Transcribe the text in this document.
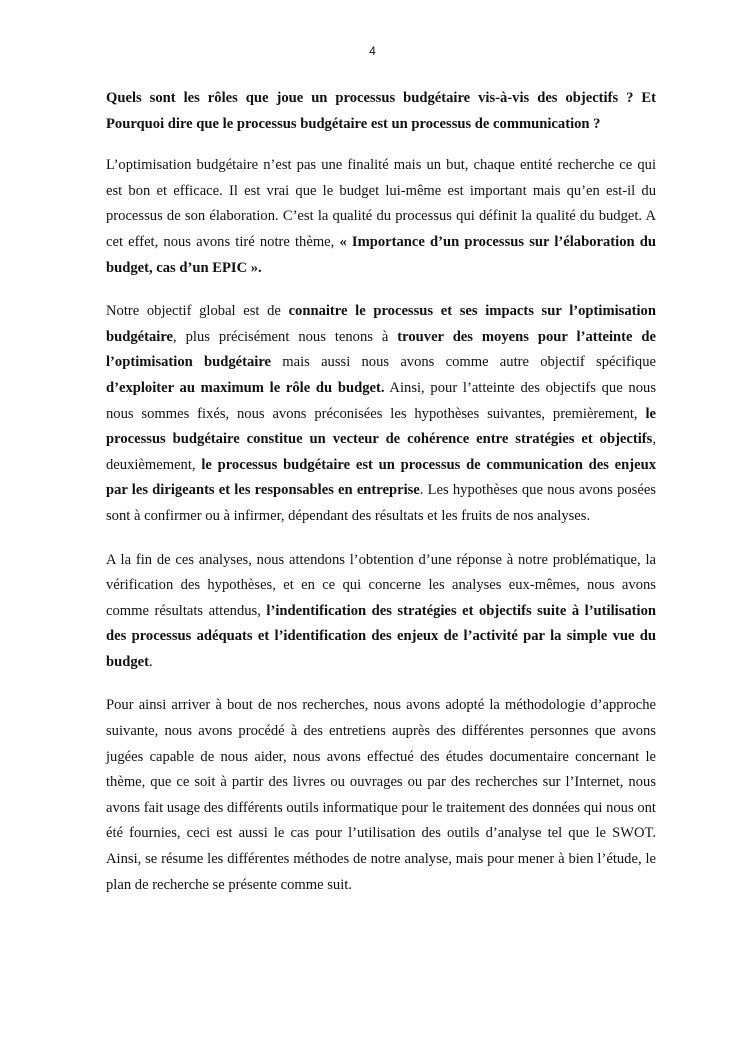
4

Quels sont les rôles que joue un processus budgétaire vis-à-vis des objectifs ? Et Pourquoi dire que le processus budgétaire est un processus de communication ?

L’optimisation budgétaire n’est pas une finalité mais un but, chaque entité recherche ce qui est bon et efficace. Il est vrai que le budget lui-même est important mais qu’en est-il du processus de son élaboration. C’est la qualité du processus qui définit la qualité du budget. A cet effet, nous avons tiré notre thème, « Importance d’un processus sur l’élaboration du budget, cas d’un EPIC ».

Notre objectif global est de connaitre le processus et ses impacts sur l’optimisation budgétaire, plus précisément nous tenons à trouver des moyens pour l’atteinte de l’optimisation budgétaire mais aussi nous avons comme autre objectif spécifique d’exploiter au maximum le rôle du budget. Ainsi, pour l’atteinte des objectifs que nous nous sommes fixés, nous avons préconisées les hypothèses suivantes, premièrement, le processus budgétaire constitue un vecteur de cohérence entre stratégies et objectifs, deuxièmement, le processus budgétaire est un processus de communication des enjeux par les dirigeants et les responsables en entreprise. Les hypothèses que nous avons posées sont à confirmer ou à infirmer, dépendant des résultats et les fruits de nos analyses.

A la fin de ces analyses, nous attendons l’obtention d’une réponse à notre problématique, la vérification des hypothèses, et en ce qui concerne les analyses eux-mêmes, nous avons comme résultats attendus, l’indentification des stratégies et objectifs suite à l’utilisation des processus adéquats et l’identification des enjeux de l’activité par la simple vue du budget.

Pour ainsi arriver à bout de nos recherches, nous avons adopté la méthodologie d’approche suivante, nous avons procédé à des entretiens auprès des différentes personnes que avons jugées capable de nous aider, nous avons effectué des études documentaire concernant le thème, que ce soit à partir des livres ou ouvrages ou par des recherches sur l’Internet, nous avons fait usage des différents outils informatique pour le traitement des données qui nous ont été fournies, ceci est aussi le cas pour l’utilisation des outils d’analyse tel que le SWOT. Ainsi, se résume les différentes méthodes de notre analyse, mais pour mener à bien l’étude, le plan de recherche se présente comme suit.
